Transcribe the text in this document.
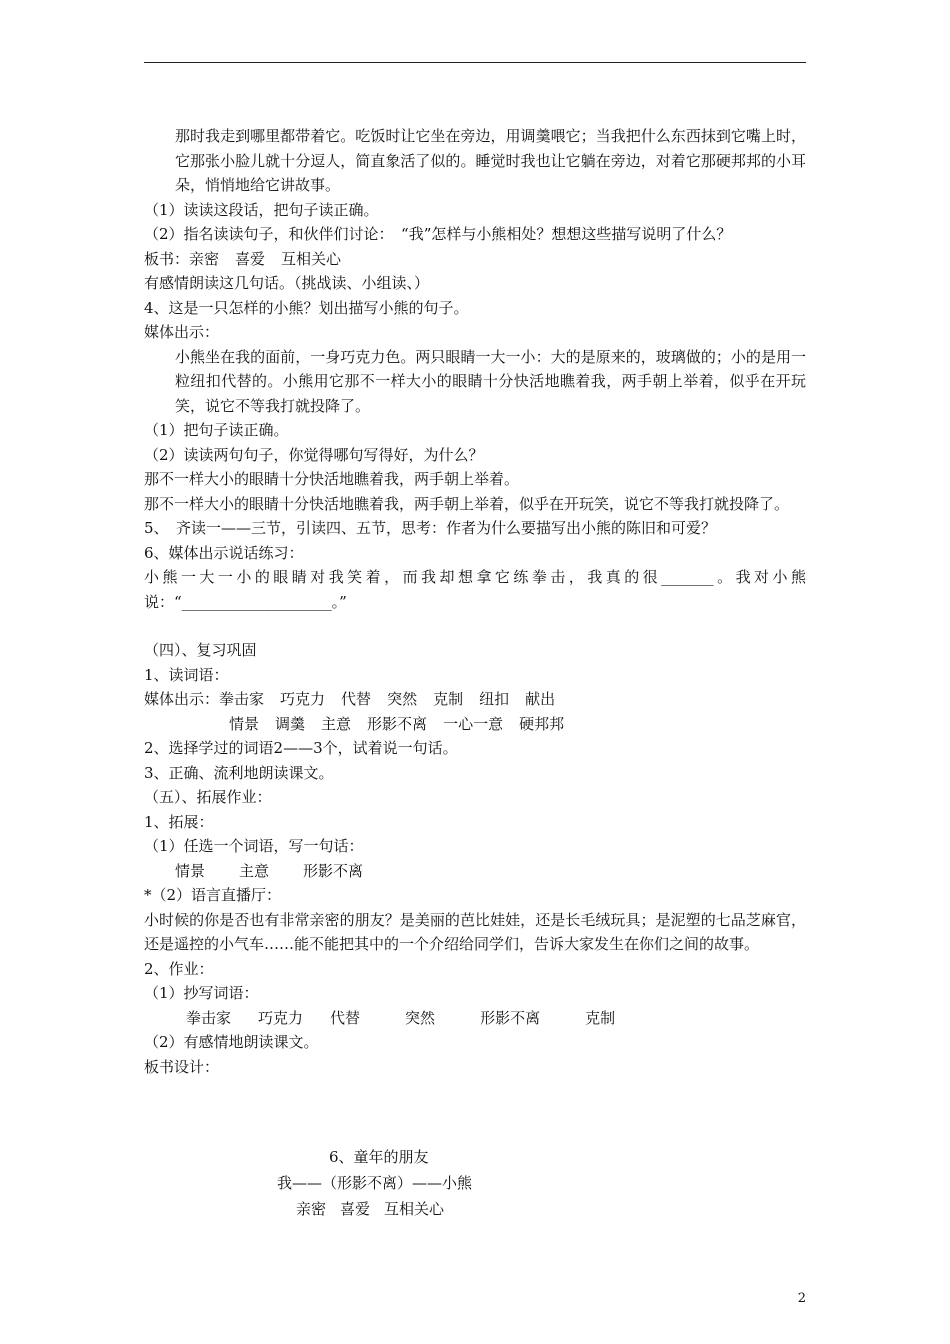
那时我走到哪里都带着它。吃饭时让它坐在旁边，用调羹喂它；当我把什么东西抹到它嘴上时，它那张小脸儿就十分逗人，简直象活了似的。睡觉时我也让它躺在旁边，对着它那硬邦邦的小耳朵，悄悄地给它讲故事。
（1）读读这段话，把句子读正确。
（2）指名读读句子，和伙伴们讨论：　“我”怎样与小熊相处？想想这些描写说明了什么？
板书：亲密 喜爱 互相关心
有感情朗读这几句话。（挑战读、小组读、）
4、这是一只怎样的小熊？划出描写小熊的句子。
媒体出示：
小熊坐在我的面前，一身巧克力色。两只眼睛一大一小：大的是原来的，玻璃做的；小的是用一粒纽扣代替的。小熊用它那不一样大小的眼睛十分快活地瞧着我，两手朝上举着，似乎在开玩笑，说它不等我打就投降了。
（1）把句子读正确。
（2）读读两句句子，你觉得哪句写得好，为什么？
那不一样大小的眼睛十分快活地瞧着我，两手朝上举着。
那不一样大小的眼睛十分快活地瞧着我，两手朝上举着，似乎在开玩笑，说它不等我打就投降了。
5、　齐读一——三节，引读四、五节，思考：作者为什么要描写出小熊的陈旧和可爱？
6、媒体出示说话练习：
小熊一大一小的眼睛对我笑着，而我却想拿它练拳击，我真的很_______。我对小熊说：“____________________。”
（四）、复习巩固
1、读词语：
媒体出示：拳击家 巧克力 代替 突然 克制 纽扣 献出
情景 调羹 主意 形影不离 一心一意 硬邦邦
2、选择学过的词语2——3个，试着说一句话。
3、正确、流利地朗读课文。
（五）、拓展作业：
1、拓展：
（1）任选一个词语，写一句话：
情景 主意 形影不离
*（2）语言直播厅：
小时候的你是否也有非常亲密的朋友？是美丽的芭比娃娃，还是长毛绒玩具；是泥塑的七品芝麻官，还是遥控的小气车……能不能把其中的一个介绍给同学们，告诉大家发生在你们之间的故事。
2、作业：
（1）抄写词语：
拳击家 巧克力 代替	突然	形影不离	克制
（2）有感情地朗读课文。
板书设计：
6、童年的朋友
我——（形影不离）——小熊
亲密 喜爱 互相关心
2
